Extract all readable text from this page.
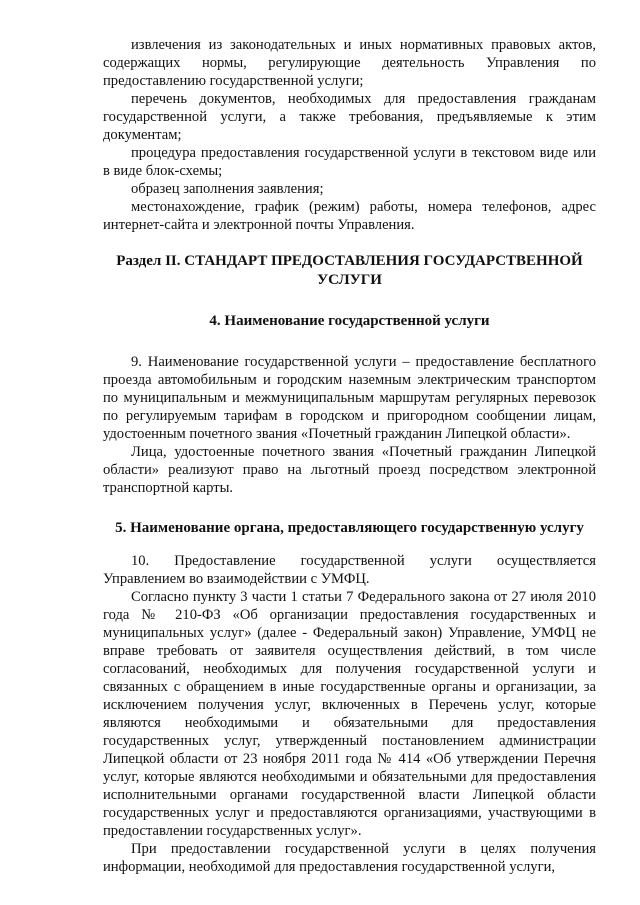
извлечения из законодательных и иных нормативных правовых актов, содержащих нормы, регулирующие деятельность Управления по предоставлению государственной услуги;

перечень документов, необходимых для предоставления гражданам государственной услуги, а также требования, предъявляемые к этим документам;

процедура предоставления государственной услуги в текстовом виде или в виде блок-схемы;

образец заполнения заявления;

местонахождение, график (режим) работы, номера телефонов, адрес интернет-сайта и электронной почты Управления.

Раздел II. СТАНДАРТ ПРЕДОСТАВЛЕНИЯ ГОСУДАРСТВЕННОЙ УСЛУГИ
4. Наименование государственной услуги

9. Наименование государственной услуги – предоставление бесплатного проезда автомобильным и городским наземным электрическим транспортом по муниципальным и межмуниципальным маршрутам регулярных перевозок по регулируемым тарифам в городском и пригородном сообщении лицам, удостоенным почетного звания «Почетный гражданин Липецкой области».

Лица, удостоенные почетного звания «Почетный гражданин Липецкой области» реализуют право на льготный проезд посредством электронной транспортной карты.

5. Наименование органа, предоставляющего государственную услугу

10. Предоставление государственной услуги осуществляется Управлением во взаимодействии с УМФЦ.

Согласно пункту 3 части 1 статьи 7 Федерального закона от 27 июля 2010 года № 210-ФЗ «Об организации предоставления государственных и муниципальных услуг» (далее - Федеральный закон) Управление, УМФЦ не вправе требовать от заявителя осуществления действий, в том числе согласований, необходимых для получения государственной услуги и связанных с обращением в иные государственные органы и организации, за исключением получения услуг, включенных в Перечень услуг, которые являются необходимыми и обязательными для предоставления государственных услуг, утвержденный постановлением администрации Липецкой области от 23 ноября 2011 года № 414 «Об утверждении Перечня услуг, которые являются необходимыми и обязательными для предоставления исполнительными органами государственной власти Липецкой области государственных услуг и предоставляются организациями, участвующими в предоставлении государственных услуг».

При предоставлении государственной услуги в целях получения информации, необходимой для предоставления государственной услуги,
